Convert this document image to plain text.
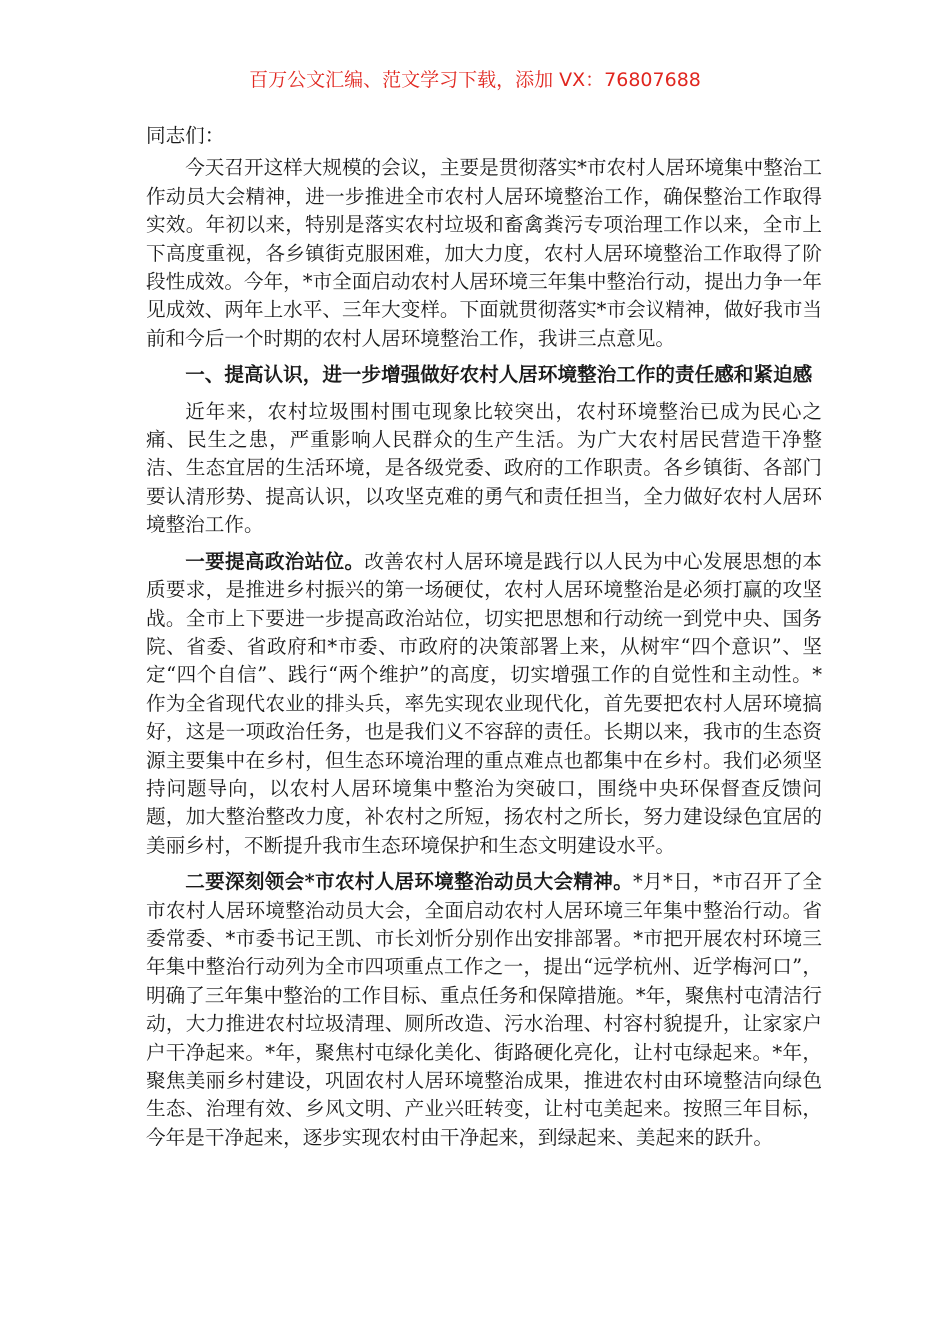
百万公文汇编、范文学习下载，添加 VX：76807688
同志们：

今天召开这样大规模的会议，主要是贯彻落实*市农村人居环境集中整治工作动员大会精神，进一步推进全市农村人居环境整治工作，确保整治工作取得实效。年初以来，特别是落实农村垃圾和畜禽粪污专项治理工作以来，全市上下高度重视，各乡镇街克服困难，加大力度，农村人居环境整治工作取得了阶段性成效。今年，*市全面启动农村人居环境三年集中整治行动，提出力争一年见成效、两年上水平、三年大变样。下面就贯彻落实*市会议精神，做好我市当前和今后一个时期的农村人居环境整治工作，我讲三点意见。

一、提高认识，进一步增强做好农村人居环境整治工作的责任感和紧迫感

近年来，农村垃圾围村围屯现象比较突出，农村环境整治已成为民心之痛、民生之患，严重影响人民群众的生产生活。为广大农村居民营造干净整洁、生态宜居的生活环境，是各级党委、政府的工作职责。各乡镇街、各部门要认清形势、提高认识，以攻坚克难的勇气和责任担当，全力做好农村人居环境整治工作。

一要提高政治站位。改善农村人居环境是践行以人民为中心发展思想的本质要求，是推进乡村振兴的第一场硬仗，农村人居环境整治是必须打赢的攻坚战。全市上下要进一步提高政治站位，切实把思想和行动统一到党中央、国务院、省委、省政府和*市委、市政府的决策部署上来，从树牢“四个意识”、坚定“四个自信”、践行“两个维护”的高度，切实增强工作的自觉性和主动性。*作为全省现代农业的排头兵，率先实现农业现代化，首先要把农村人居环境搞好，这是一项政治任务，也是我们义不容辞的责任。长期以来，我市的生态资源主要集中在乡村，但生态环境治理的重点难点也都集中在乡村。我们必须坚持问题导向，以农村人居环境集中整治为突破口，围绕中央环保督查反馈问题，加大整治整改力度，补农村之所短，扬农村之所长，努力建设绿色宜居的美丽乡村，不断提升我市生态环境保护和生态文明建设水平。

二要深刻领会*市农村人居环境整治动员大会精神。*月*日，*市召开了全市农村人居环境整治动员大会，全面启动农村人居环境三年集中整治行动。省委常委、*市委书记王凯、市长刘忻分别作出安排部署。*市把开展农村环境三年集中整治行动列为全市四项重点工作之一，提出“远学杭州、近学梅河口”，明确了三年集中整治的工作目标、重点任务和保障措施。*年，聚焦村屯清洁行动，大力推进农村垃圾清理、厕所改造、污水治理、村容村貌提升，让家家户户干净起来。*年，聚焦村屯绿化美化、街路硬化亮化，让村屯绿起来。*年，聚焦美丽乡村建设，巩固农村人居环境整治成果，推进农村由环境整洁向绿色生态、治理有效、乡风文明、产业兴旺转变，让村屯美起来。按照三年目标，今年是干净起来，逐步实现农村由干净起来，到绿起来、美起来的跃升。
